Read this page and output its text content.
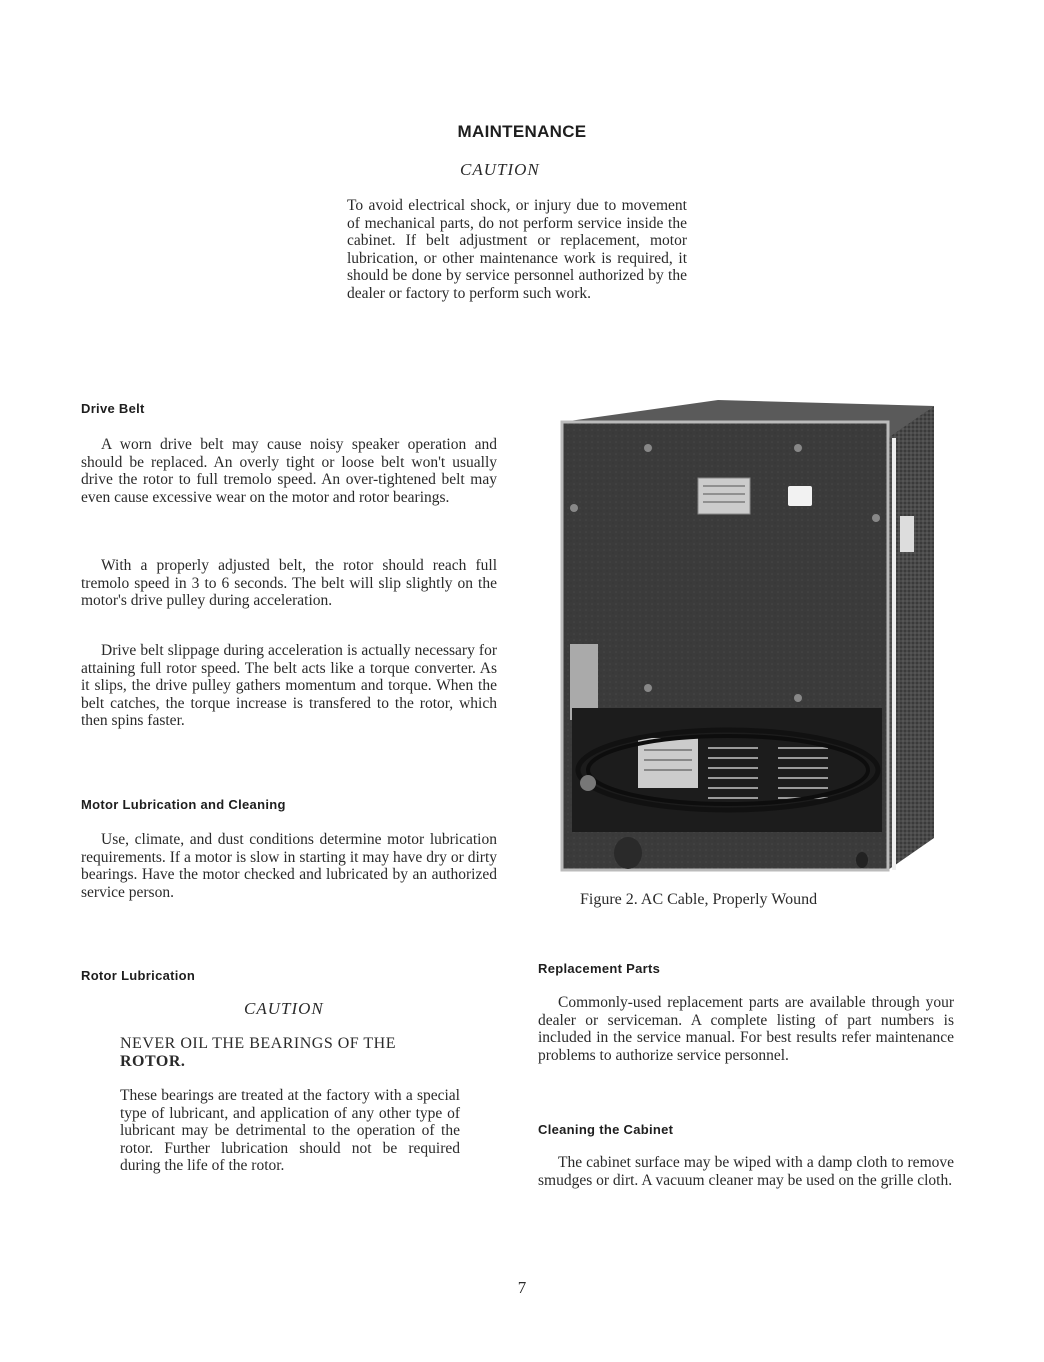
MAINTENANCE
CAUTION

To avoid electrical shock, or injury due to movement of mechanical parts, do not perform service inside the cabinet. If belt adjustment or replacement, motor lubrication, or other maintenance work is required, it should be done by service personnel authorized by the dealer or factory to perform such work.

Drive Belt

A worn drive belt may cause noisy speaker operation and should be replaced. An overly tight or loose belt won't usually drive the rotor to full tremolo speed. An over-tightened belt may even cause excessive wear on the motor and rotor bearings.

With a properly adjusted belt, the rotor should reach full tremolo speed in 3 to 6 seconds. The belt will slip slightly on the motor's drive pulley during acceleration.

Drive belt slippage during acceleration is actually necessary for attaining full rotor speed. The belt acts like a torque converter. As it slips, the drive pulley gathers momentum and torque. When the belt catches, the torque increase is transfered to the rotor, which then spins faster.

Motor Lubrication and Cleaning

Use, climate, and dust conditions determine motor lubrication requirements. If a motor is slow in starting it may have dry or dirty bearings. Have the motor checked and lubricated by an authorized service person.

Rotor Lubrication
CAUTION
NEVER OIL THE BEARINGS OF THE
ROTOR.

These bearings are treated at the factory with a special type of lubricant, and application of any other type of lubricant may be detrimental to the operation of the rotor. Further lubrication should not be required during the life of the rotor.

Figure 2. AC Cable, Properly Wound
Replacement Parts

Commonly-used replacement parts are available through your dealer or serviceman. A complete listing of part numbers is included in the service manual. For best results refer maintenance problems to authorize service personnel.

Cleaning the Cabinet

The cabinet surface may be wiped with a damp cloth to remove smudges or dirt. A vacuum cleaner may be used on the grille cloth.

7
